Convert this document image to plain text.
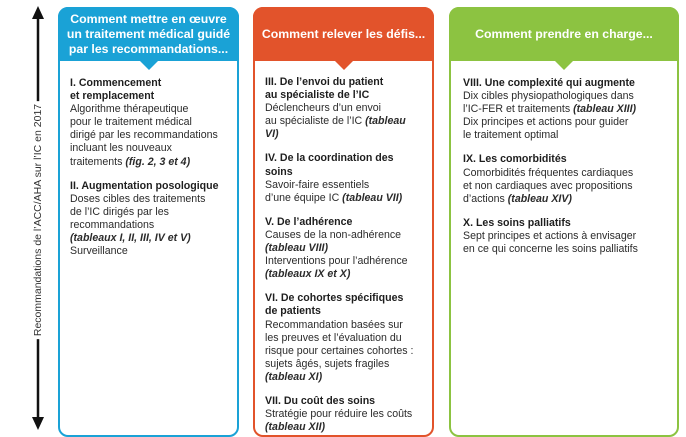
Recommandations de l’ACC/AHA sur l’IC en 2017
Comment mettre en œuvre un traitement médical guidé par les recommandations...
I. Commencement
et remplacement
Algorithme thérapeutique
pour le traitement médical
dirigé par les recommandations
incluant les nouveaux
traitements (fig. 2, 3 et 4)
II. Augmentation posologique
Doses cibles des traitements
de l’IC dirigés par les
recommandations
(tableaux I, II, III, IV et V)
Surveillance
Comment relever les défis...
III. De l’envoi du patient
au spécialiste de l’IC
Déclencheurs d’un envoi
au spécialiste de l’IC (tableau VI)
IV. De la coordination des soins
Savoir-faire essentiels
d’une équipe IC (tableau VII)
V. De l’adhérence
Causes de la non-adhérence
(tableau VIII)
Interventions pour l’adhérence
(tableaux IX et X)
VI. De cohortes spécifiques
de patients
Recommandation basées sur
les preuves et l’évaluation du
risque pour certaines cohortes :
sujets âgés, sujets fragiles
(tableau XI)
VII. Du coût des soins
Stratégie pour réduire les coûts
(tableau XII)
Comment prendre en charge...
VIII. Une complexité qui augmente
Dix cibles physiopathologiques dans
l’IC-FER et traitements (tableau XIII)
Dix principes et actions pour guider
le traitement optimal
IX. Les comorbidités
Comorbidités fréquentes cardiaques
et non cardiaques avec propositions
d’actions (tableau XIV)
X. Les soins palliatifs
Sept principes et actions à envisager
en ce qui concerne les soins palliatifs
